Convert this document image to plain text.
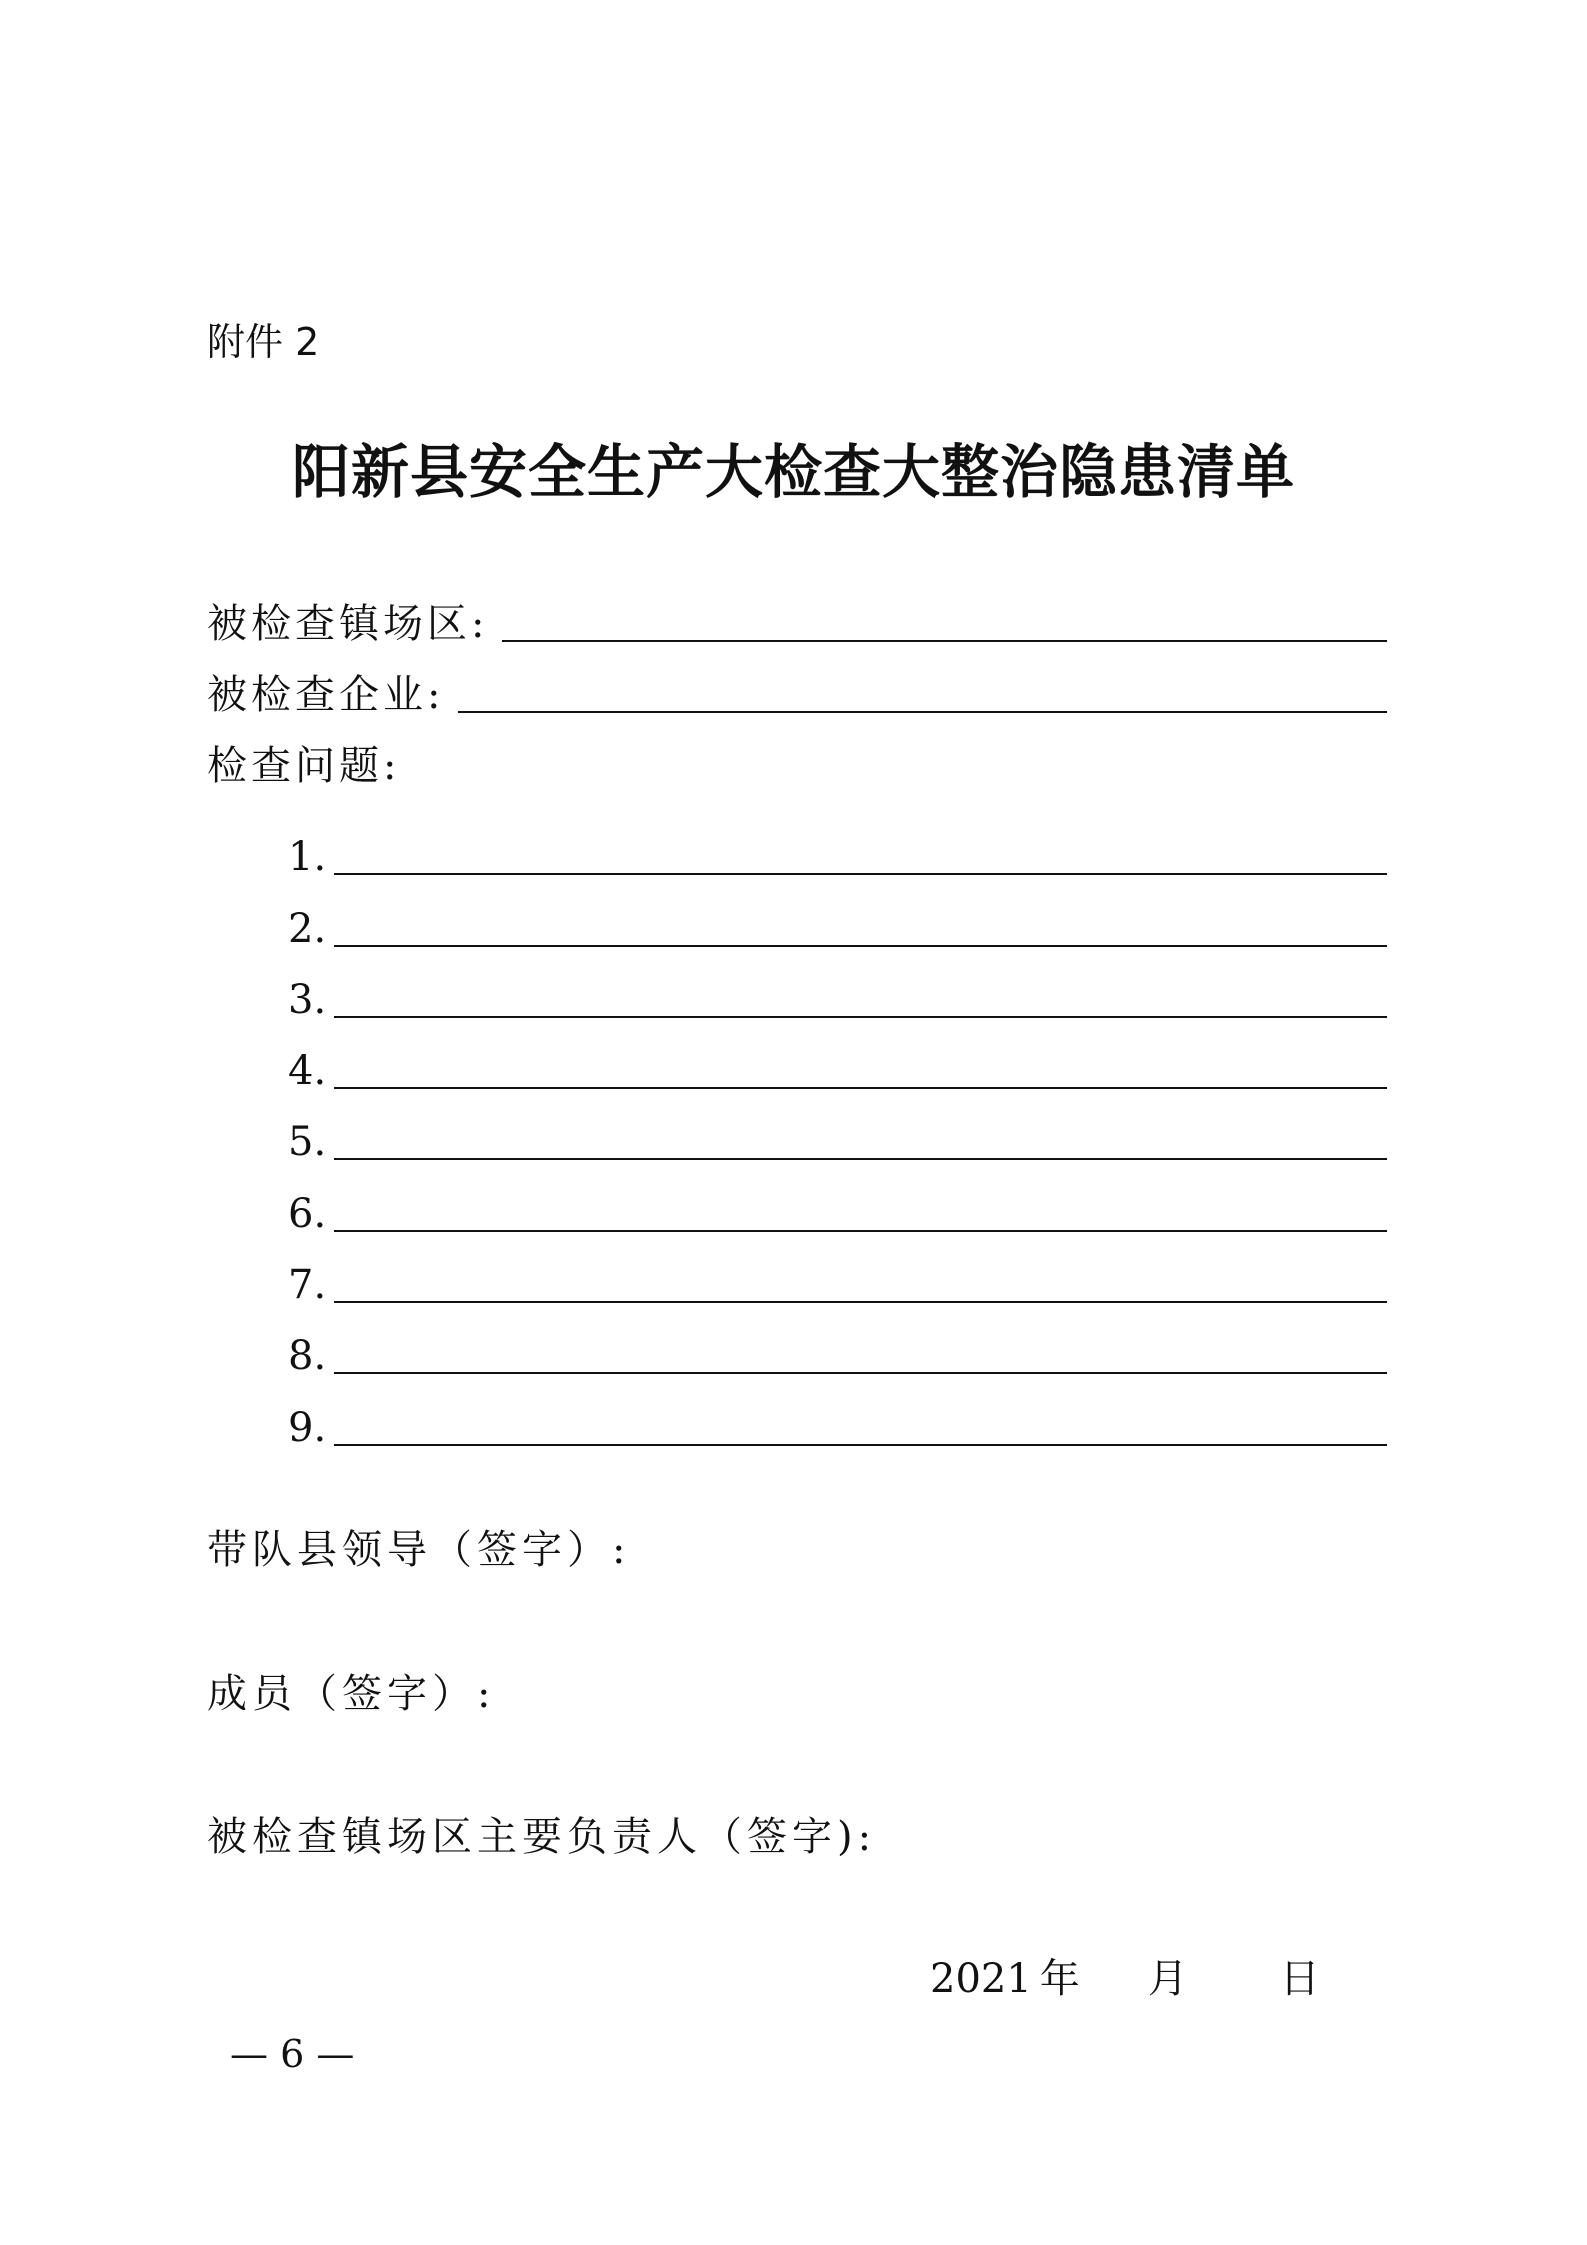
附件 2
阳新县安全生产大检查大整治隐患清单
被检查镇场区:
被检查企业:
检查问题:
1.
2.
3.
4.
5.
6.
7.
8.
9.
带队县领导（签字）:
成员（签字）:
被检查镇场区主要负责人（签字):
2021 年 月 日
— 6 —
